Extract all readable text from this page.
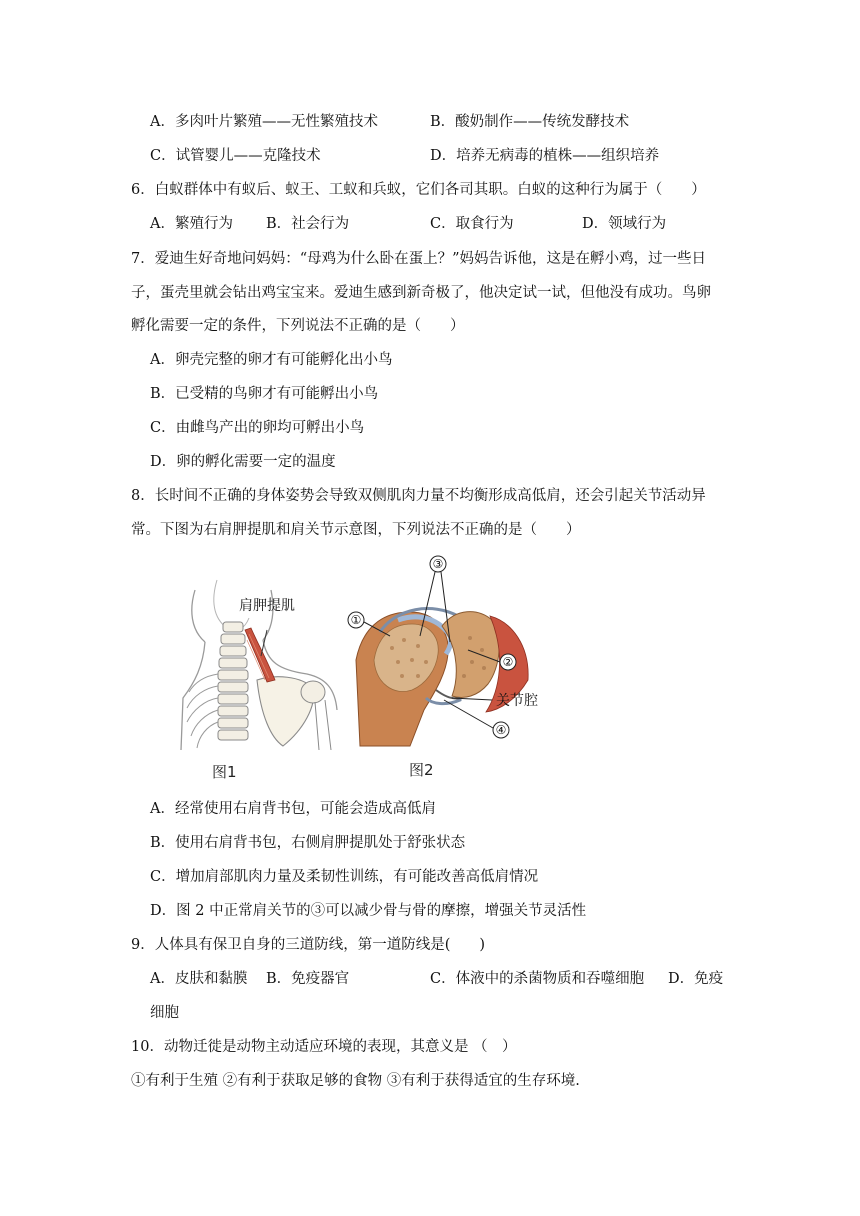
A．多肉叶片繁殖——无性繁殖技术	B．酸奶制作——传统发酵技术
C．试管婴儿——克隆技术	D．培养无病毒的植株——组织培养
6．白蚁群体中有蚁后、蚁王、工蚁和兵蚁，它们各司其职。白蚁的这种行为属于（　　）
A．繁殖行为 B．社会行为	C．取食行为	D．领域行为
7．爱迪生好奇地问妈妈：“母鸡为什么卧在蛋上？”妈妈告诉他，这是在孵小鸡，过一些日
子，蛋壳里就会钻出鸡宝宝来。爱迪生感到新奇极了，他决定试一试，但他没有成功。鸟卵
孵化需要一定的条件，下列说法不正确的是（　　）
A．卵壳完整的卵才有可能孵化出小鸟
B．已受精的鸟卵才有可能孵出小鸟
C．由雌鸟产出的卵均可孵出小鸟
D．卵的孵化需要一定的温度
8．长时间不正确的身体姿势会导致双侧肌肉力量不均衡形成高低肩，还会引起关节活动异
常。下图为右肩胛提肌和肩关节示意图，下列说法不正确的是（　　）
肩胛提肌
图1
③
①
②
关节腔
④
图2
A．经常使用右肩背书包，可能会造成高低肩
B．使用右肩背书包，右侧肩胛提肌处于舒张状态
C．增加肩部肌肉力量及柔韧性训练，有可能改善高低肩情况
D．图 2 中正常肩关节的③可以减少骨与骨的摩擦，增强关节灵活性
9．人体具有保卫自身的三道防线，第一道防线是(　　)
A．皮肤和黏膜 B．免疫器官	C．体液中的杀菌物质和吞噬细胞 D．免疫
细胞
10．动物迁徙是动物主动适应环境的表现，其意义是 （　）
①有利于生殖 ②有利于获取足够的食物 ③有利于获得适宜的生存环境.
